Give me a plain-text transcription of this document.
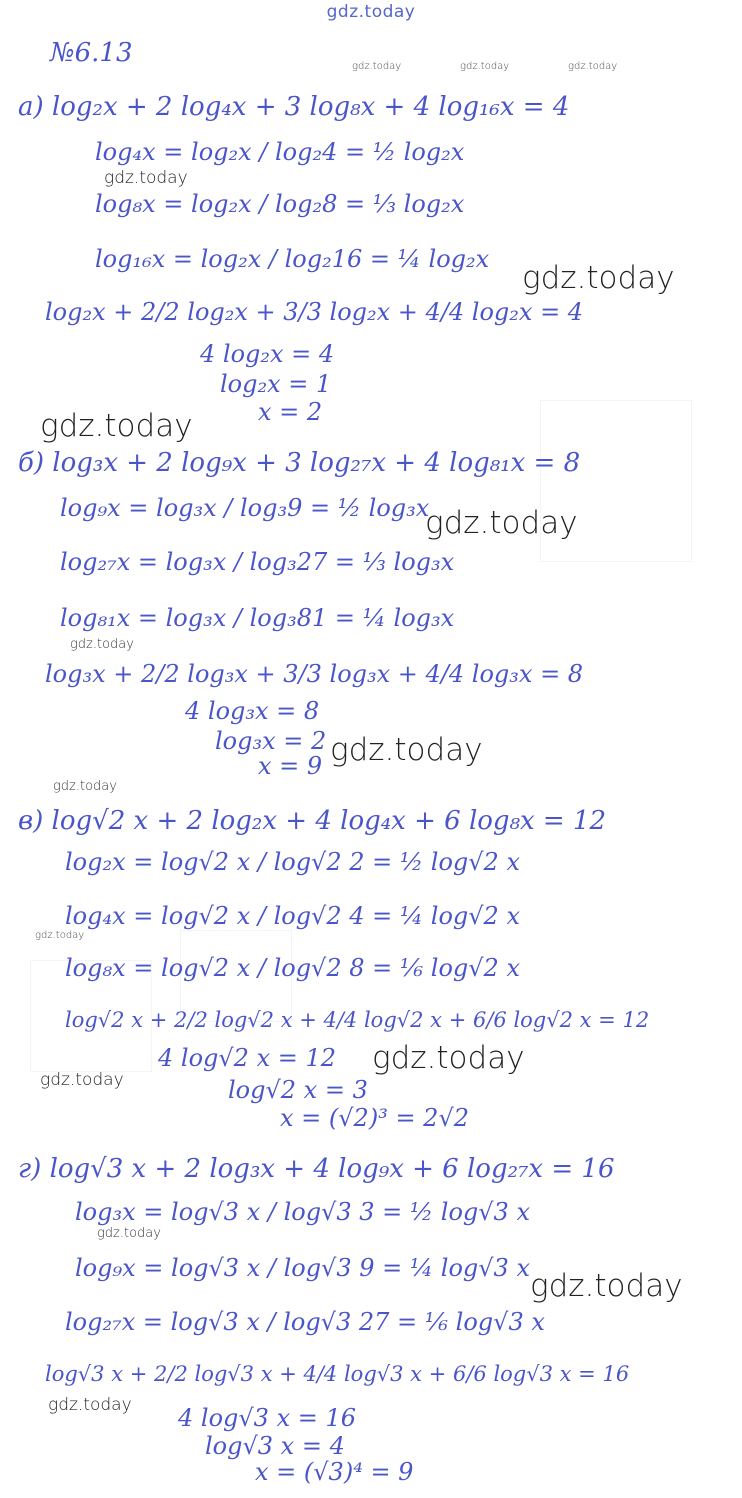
gdz.today
№6.13
а) log₂x + 2 log₄x + 3 log₈x + 4 log₁₆x = 4
log₄x = log₂x / log₂4 = ½ log₂x
log₈x = log₂x / log₂8 = ⅓ log₂x
log₁₆x = log₂x / log₂16 = ¼ log₂x
log₂x + 2/2 log₂x + 3/3 log₂x + 4/4 log₂x = 4
4 log₂x = 4
log₂x = 1
x = 2
б) log₃x + 2 log₉x + 3 log₂₇x + 4 log₈₁x = 8
log₉x = log₃x / log₃9 = ½ log₃x
log₂₇x = log₃x / log₃27 = ⅓ log₃x
log₈₁x = log₃x / log₃81 = ¼ log₃x
log₃x + 2/2 log₃x + 3/3 log₃x + 4/4 log₃x = 8
4 log₃x = 8
log₃x = 2
x = 9
в) log√2 x + 2 log₂x + 4 log₄x + 6 log₈x = 12
log₂x = log√2 x / log√2 2 = ½ log√2 x
log₄x = log√2 x / log√2 4 = ¼ log√2 x
log₈x = log√2 x / log√2 8 = ⅙ log√2 x
log√2 x + 2/2 log√2 x + 4/4 log√2 x + 6/6 log√2 x = 12
4 log√2 x = 12
log√2 x = 3
x = (√2)³ = 2√2
г) log√3 x + 2 log₃x + 4 log₉x + 6 log₂₇x = 16
log₃x = log√3 x / log√3 3 = ½ log√3 x
log₉x = log√3 x / log√3 9 = ¼ log√3 x
log₂₇x = log√3 x / log√3 27 = ⅙ log√3 x
log√3 x + 2/2 log√3 x + 4/4 log√3 x + 6/6 log√3 x = 16
4 log√3 x = 16
log√3 x = 4
x = (√3)⁴ = 9
gdz.today	gdz.today	gdz.today
gdz.today
gdz.today
gdz.today
gdz.today
gdz.today
gdz.today
gdz.today
gdz.today
gdz.today
gdz.today
gdz.today
gdz.today
gdz.today
